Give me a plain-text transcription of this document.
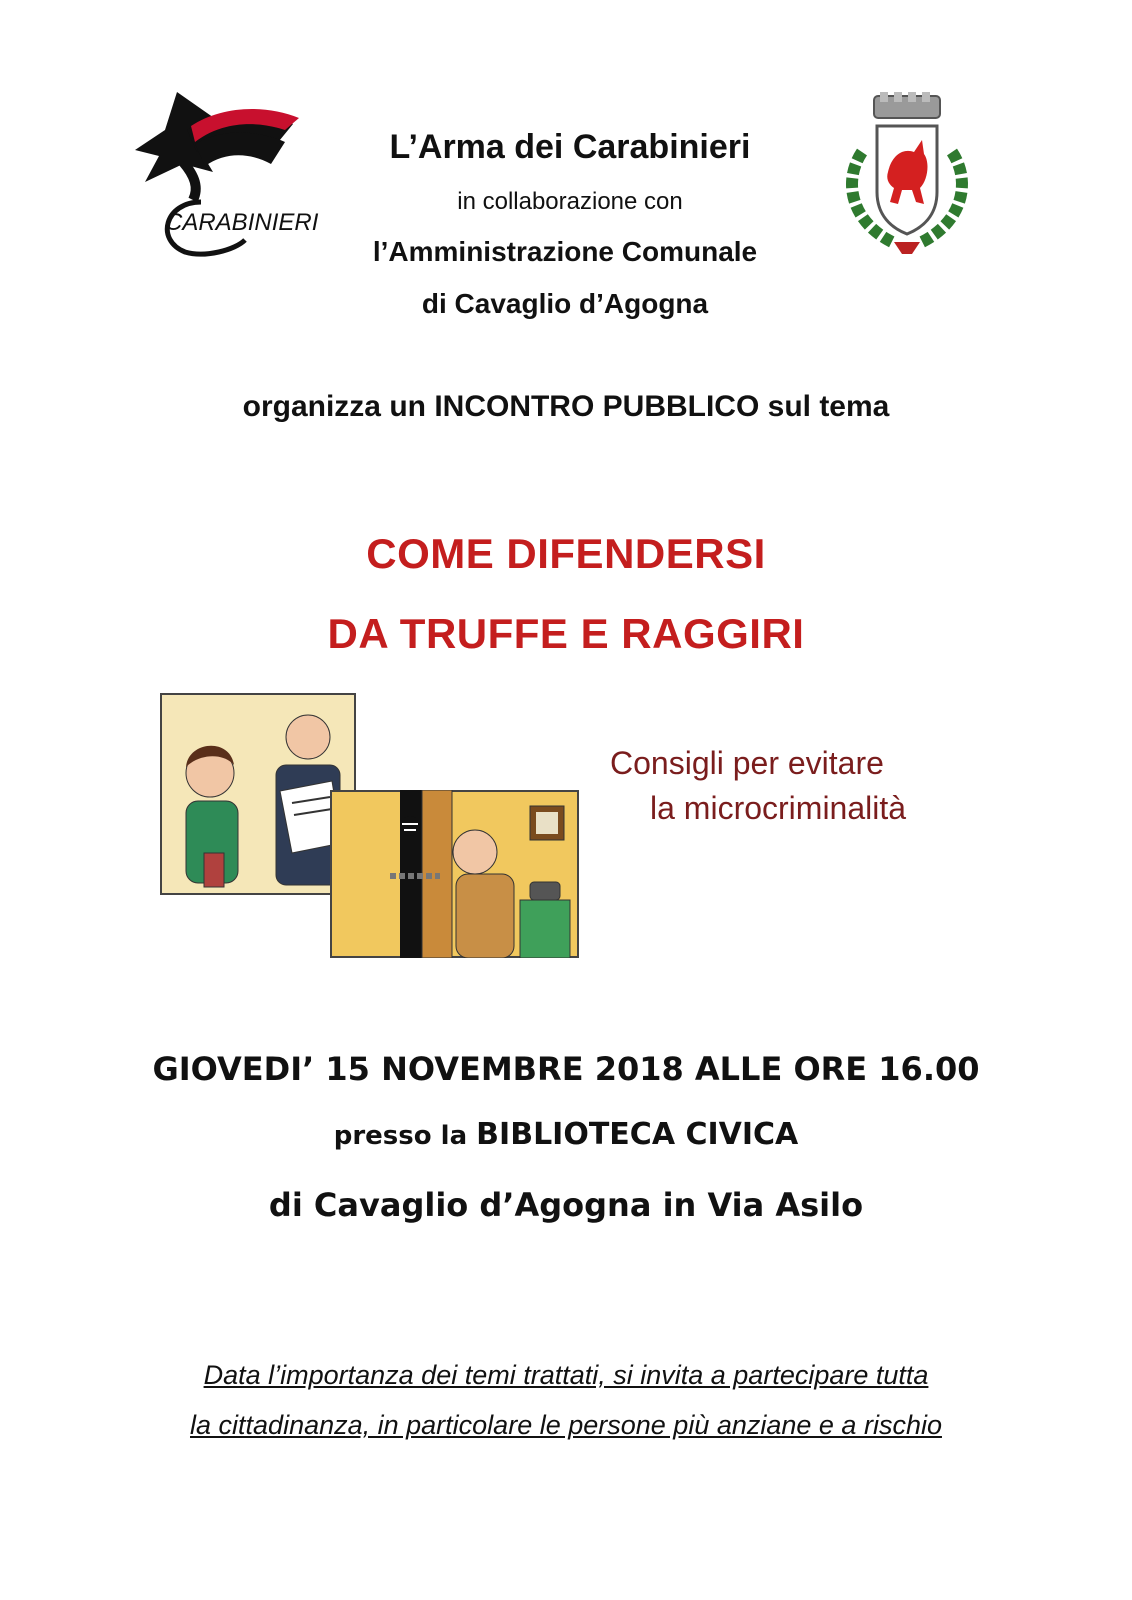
CARABINIERI
L’Arma dei Carabinieri
in collaborazione con
l’Amministrazione Comunale
di Cavaglio d’Agogna
organizza un INCONTRO PUBBLICO sul tema
COME DIFENDERSI
DA TRUFFE E RAGGIRI
Consigli per evitare
la microcriminalità
GIOVEDI’ 15 NOVEMBRE 2018 ALLE ORE 16.00
presso la BIBLIOTECA CIVICA
di Cavaglio d’Agogna in Via Asilo
Data l’importanza dei temi trattati, si invita a partecipare tutta
la cittadinanza, in particolare le persone più anziane e a rischio
